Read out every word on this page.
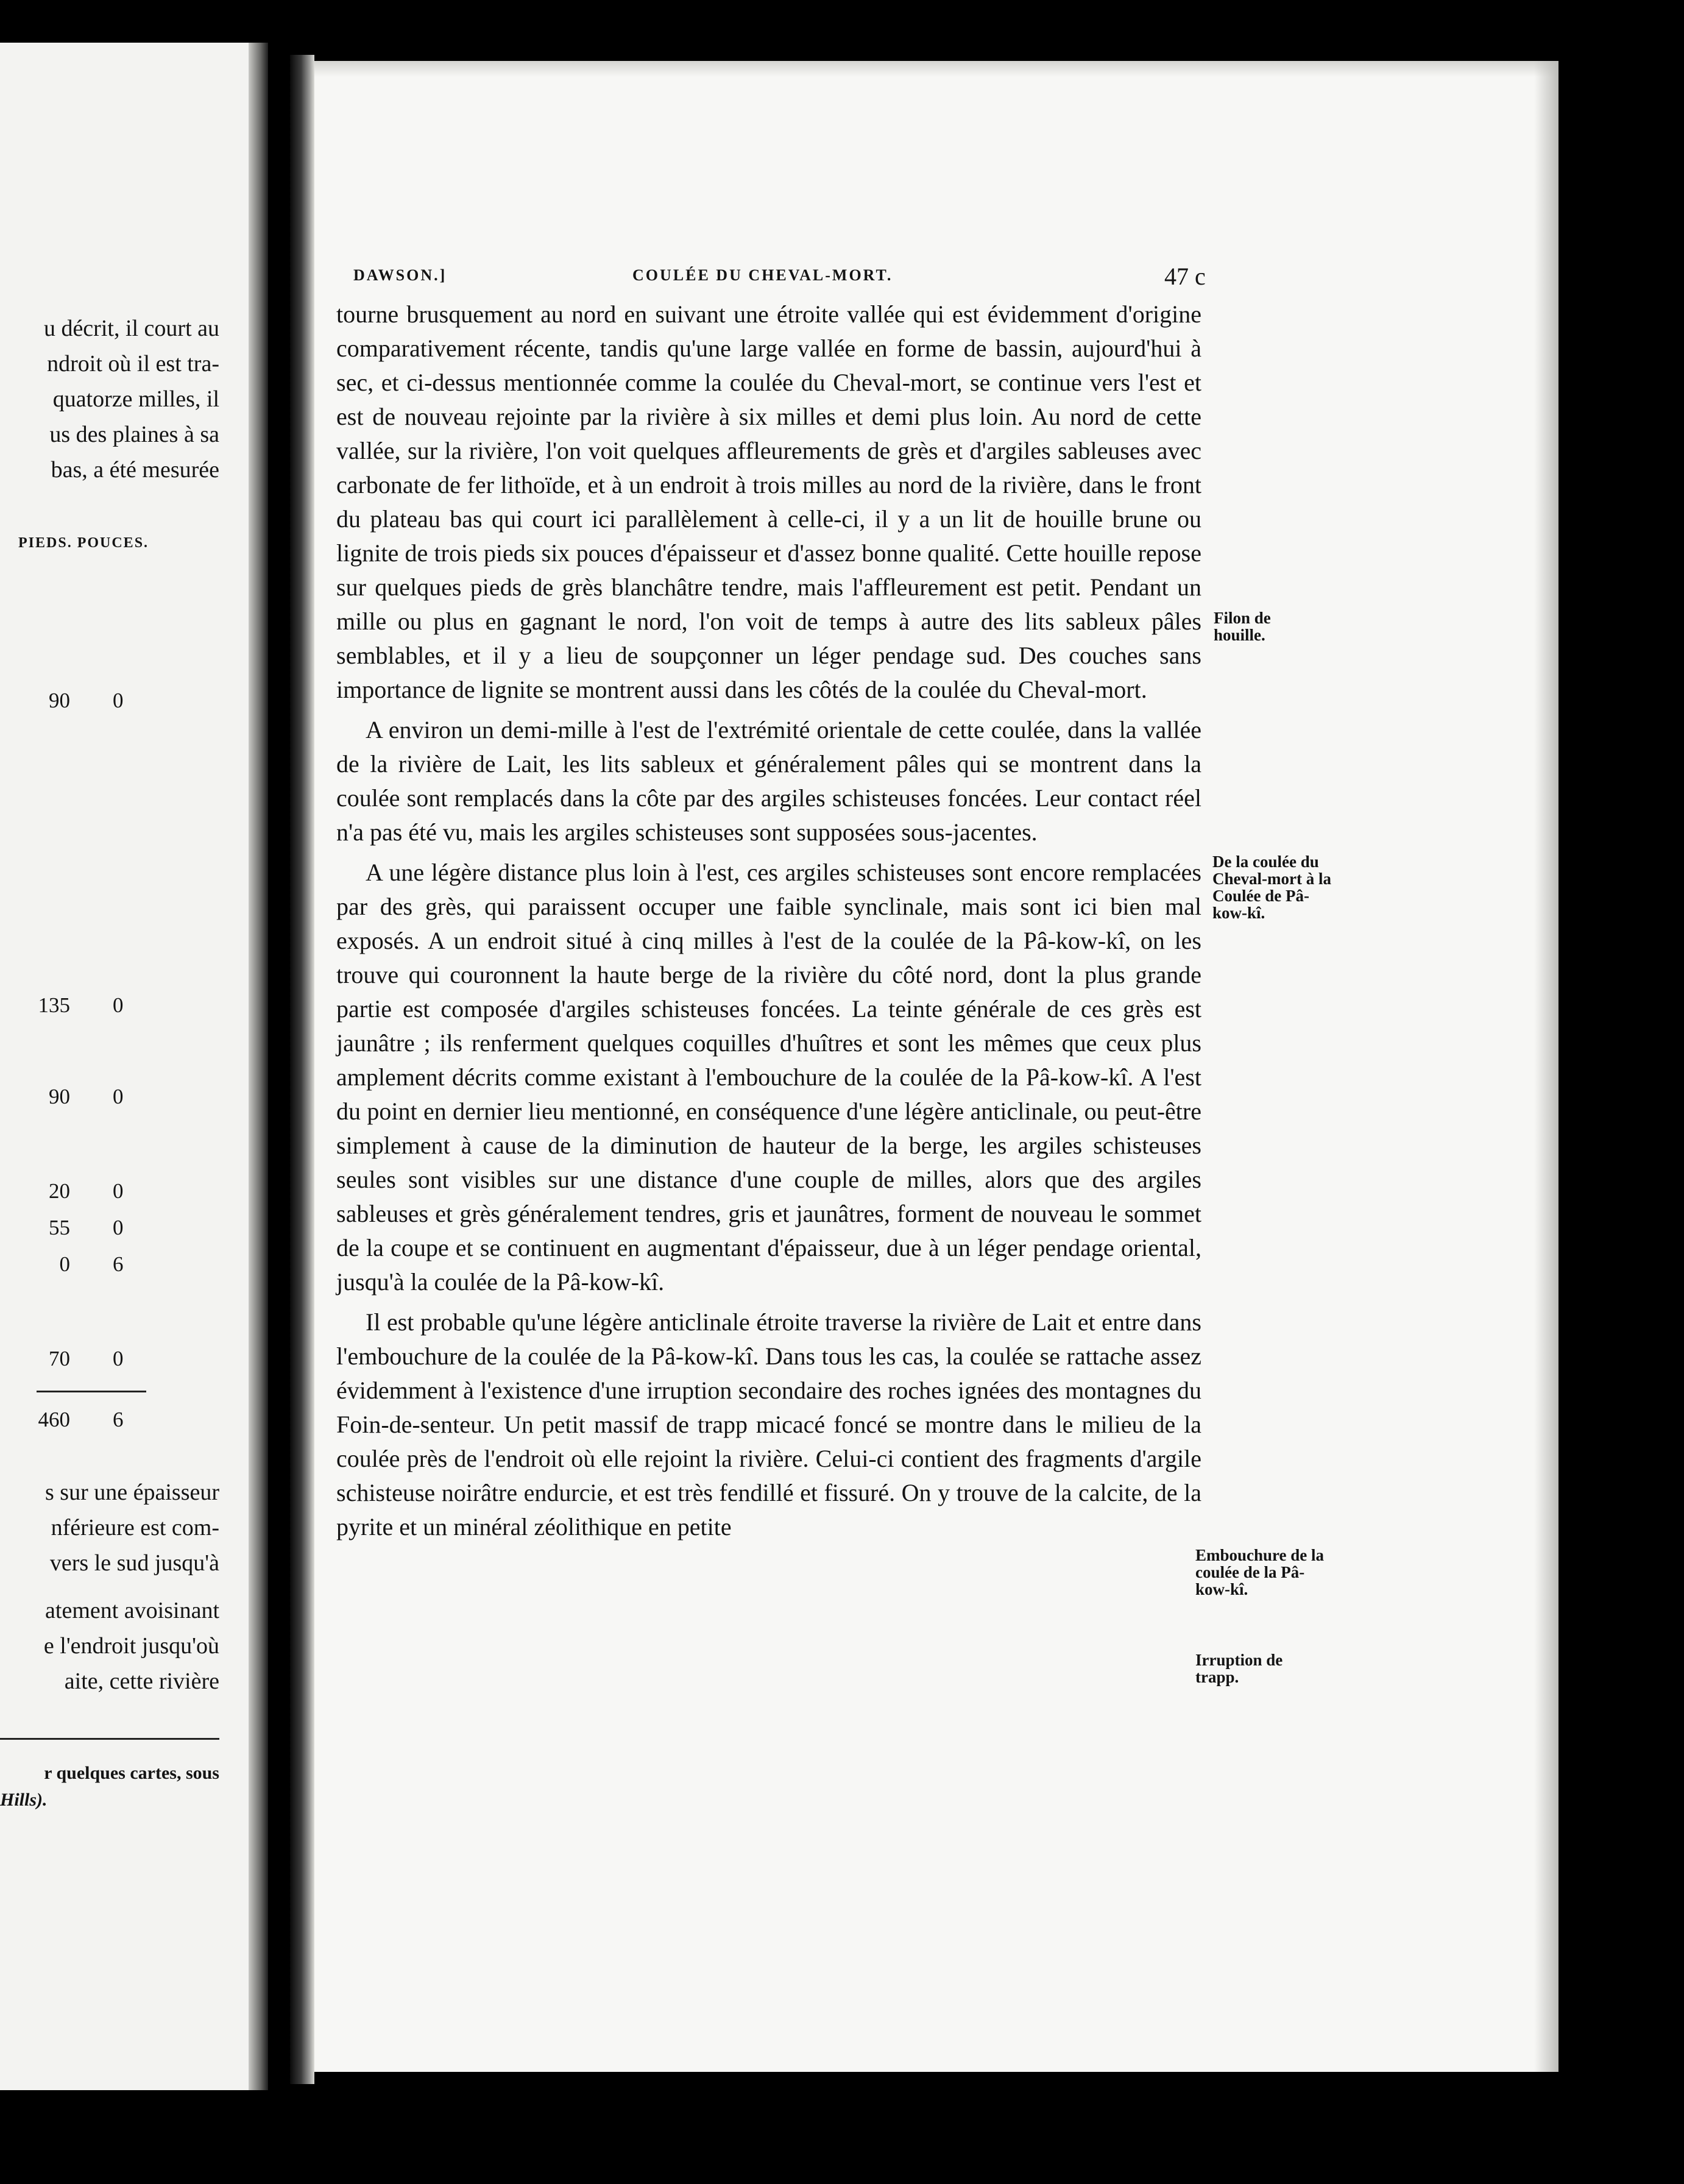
u décrit, il court au
ndroit où il est tra-
quatorze milles, il
us des plaines à sa
bas, a été mesurée
PIEDS. POUCES.
90 0
135 0
90 0
20 0
55 0
0 6
70 0
460 6
s sur une épaisseur
nférieure est com-
vers le sud jusqu'à
atement avoisinant
e l'endroit jusqu'où
aite, cette rivière
r quelques cartes, sous
Hills).
DAWSON.]	COULÉE DU CHEVAL-MORT.	47 c

tourne brusquement au nord en suivant une étroite vallée qui est évidemment d'origine comparativement récente, tandis qu'une large vallée en forme de bassin, aujourd'hui à sec, et ci-dessus mentionnée comme la coulée du Cheval-mort, se continue vers l'est et est de nouveau rejointe par la rivière à six milles et demi plus loin. Au nord de cette vallée, sur la rivière, l'on voit quelques affleurements de grès et d'argiles sableuses avec carbonate de fer lithoïde, et à un endroit à trois milles au nord de la rivière, dans le front du plateau bas qui court ici parallèlement à celle-ci, il y a un lit de houille brune ou lignite de trois pieds six pouces d'épaisseur et d'assez bonne qualité. Cette houille repose sur quelques pieds de grès blanchâtre tendre, mais l'affleurement est petit. Pendant un mille ou plus en gagnant le nord, l'on voit de temps à autre des lits sableux pâles semblables, et il y a lieu de soupçonner un léger pendage sud. Des couches sans importance de lignite se montrent aussi dans les côtés de la coulée du Cheval-mort.

A environ un demi-mille à l'est de l'extrémité orientale de cette coulée, dans la vallée de la rivière de Lait, les lits sableux et généralement pâles qui se montrent dans la coulée sont remplacés dans la côte par des argiles schisteuses foncées. Leur contact réel n'a pas été vu, mais les argiles schisteuses sont supposées sous-jacentes.

A une légère distance plus loin à l'est, ces argiles schisteuses sont encore remplacées par des grès, qui paraissent occuper une faible synclinale, mais sont ici bien mal exposés. A un endroit situé à cinq milles à l'est de la coulée de la Pâ-kow-kî, on les trouve qui couronnent la haute berge de la rivière du côté nord, dont la plus grande partie est composée d'argiles schisteuses foncées. La teinte générale de ces grès est jaunâtre ; ils renferment quelques coquilles d'huîtres et sont les mêmes que ceux plus amplement décrits comme existant à l'embouchure de la coulée de la Pâ-kow-kî. A l'est du point en dernier lieu mentionné, en conséquence d'une légère anticlinale, ou peut-être simplement à cause de la diminution de hauteur de la berge, les argiles schisteuses seules sont visibles sur une distance d'une couple de milles, alors que des argiles sableuses et grès généralement tendres, gris et jaunâtres, forment de nouveau le sommet de la coupe et se continuent en augmentant d'épaisseur, due à un léger pendage oriental, jusqu'à la coulée de la Pâ-kow-kî.

Il est probable qu'une légère anticlinale étroite traverse la rivière de Lait et entre dans l'embouchure de la coulée de la Pâ-kow-kî. Dans tous les cas, la coulée se rattache assez évidemment à l'existence d'une irruption secondaire des roches ignées des montagnes du Foin-de-senteur. Un petit massif de trapp micacé foncé se montre dans le milieu de la coulée près de l'endroit où elle rejoint la rivière. Celui-ci contient des fragments d'argile schisteuse noirâtre endurcie, et est très fendillé et fissuré. On y trouve de la calcite, de la pyrite et un minéral zéolithique en petite

Filon de houille.
De la coulée du Cheval-mort à la Coulée de Pâ-kow-kî.
Embouchure de la coulée de la Pâ-kow-kî.
Irruption de trapp.
